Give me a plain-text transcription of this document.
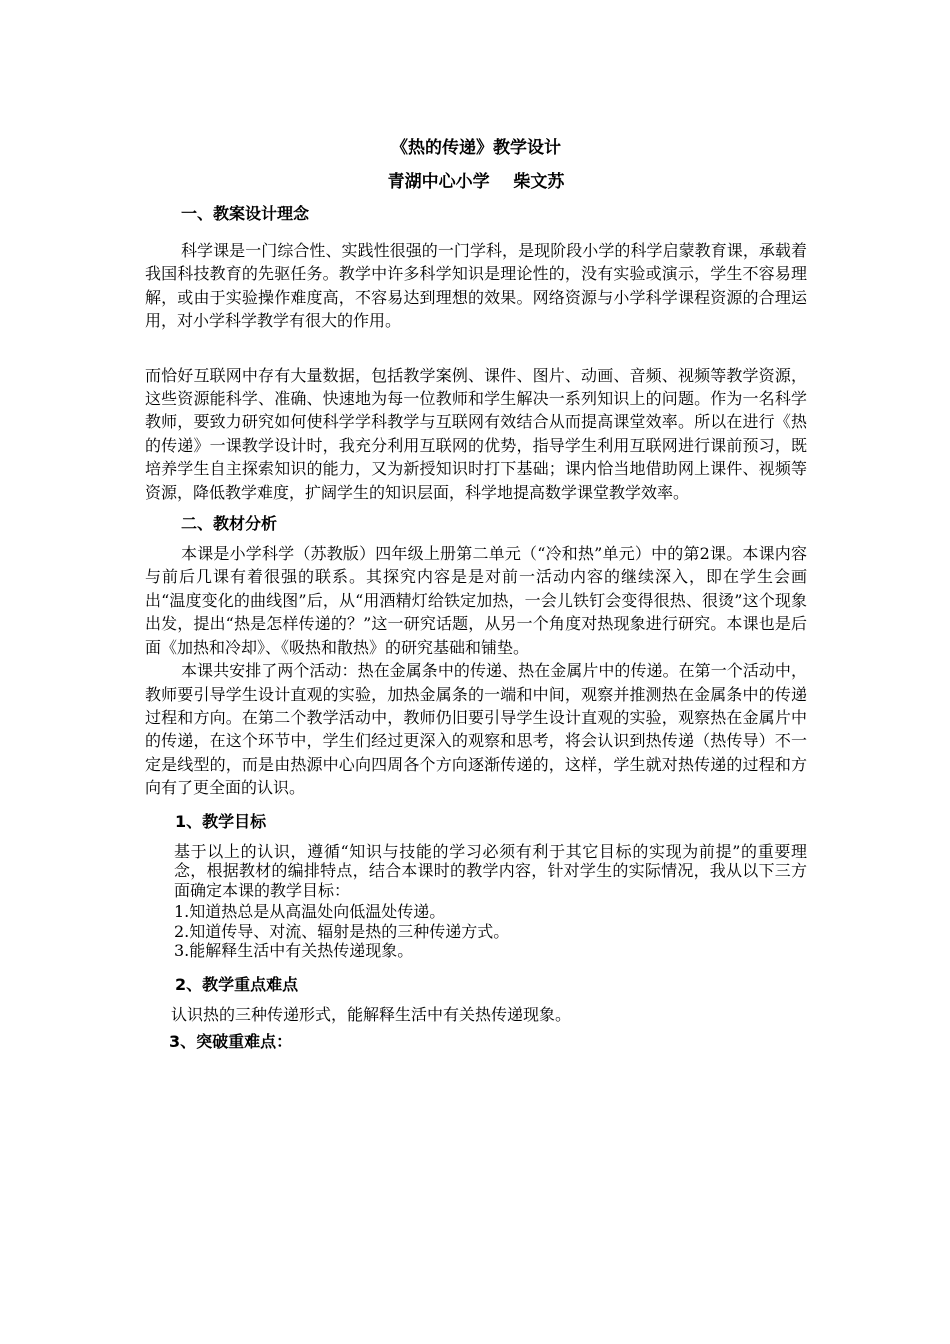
《热的传递》教学设计
青湖中心小学    柴文苏
一、教案设计理念

科学课是一门综合性、实践性很强的一门学科，是现阶段小学的科学启蒙教育课，承载着我国科技教育的先驱任务。教学中许多科学知识是理论性的，没有实验或演示，学生不容易理解，或由于实验操作难度高，不容易达到理想的效果。网络资源与小学科学课程资源的合理运用，对小学科学教学有很大的作用。

而恰好互联网中存有大量数据，包括教学案例、课件、图片、动画、音频、视频等教学资源，这些资源能科学、准确、快速地为每一位教师和学生解决一系列知识上的问题。作为一名科学教师，要致力研究如何使科学学科教学与互联网有效结合从而提高课堂效率。所以在进行《热的传递》一课教学设计时，我充分利用互联网的优势，指导学生利用互联网进行课前预习，既培养学生自主探索知识的能力，又为新授知识时打下基础；课内恰当地借助网上课件、视频等资源，降低教学难度，扩阔学生的知识层面，科学地提高数学课堂教学效率。

二、教材分析

本课是小学科学（苏教版）四年级上册第二单元（“冷和热”单元）中的第2课。本课内容与前后几课有着很强的联系。其探究内容是是对前一活动内容的继续深入，即在学生会画出“温度变化的曲线图”后，从“用酒精灯给铁定加热，一会儿铁钉会变得很热、很烫”这个现象出发，提出“热是怎样传递的？”这一研究话题，从另一个角度对热现象进行研究。本课也是后面《加热和冷却》、《吸热和散热》的研究基础和铺垫。

本课共安排了两个活动：热在金属条中的传递、热在金属片中的传递。在第一个活动中，教师要引导学生设计直观的实验，加热金属条的一端和中间，观察并推测热在金属条中的传递过程和方向。在第二个教学活动中，教师仍旧要引导学生设计直观的实验，观察热在金属片中的传递，在这个环节中，学生们经过更深入的观察和思考，将会认识到热传递（热传导）不一定是线型的，而是由热源中心向四周各个方向逐渐传递的，这样，学生就对热传递的过程和方向有了更全面的认识。

1、教学目标

基于以上的认识，遵循“知识与技能的学习必须有利于其它目标的实现为前提”的重要理念，根据教材的编排特点，结合本课时的教学内容，针对学生的实际情况，我从以下三方面确定本课的教学目标：

1.知道热总是从高温处向低温处传递。

2.知道传导、对流、辐射是热的三种传递方式。

3.能解释生活中有关热传递现象。

2、教学重点难点

认识热的三种传递形式，能解释生活中有关热传递现象。

3、突破重难点：
